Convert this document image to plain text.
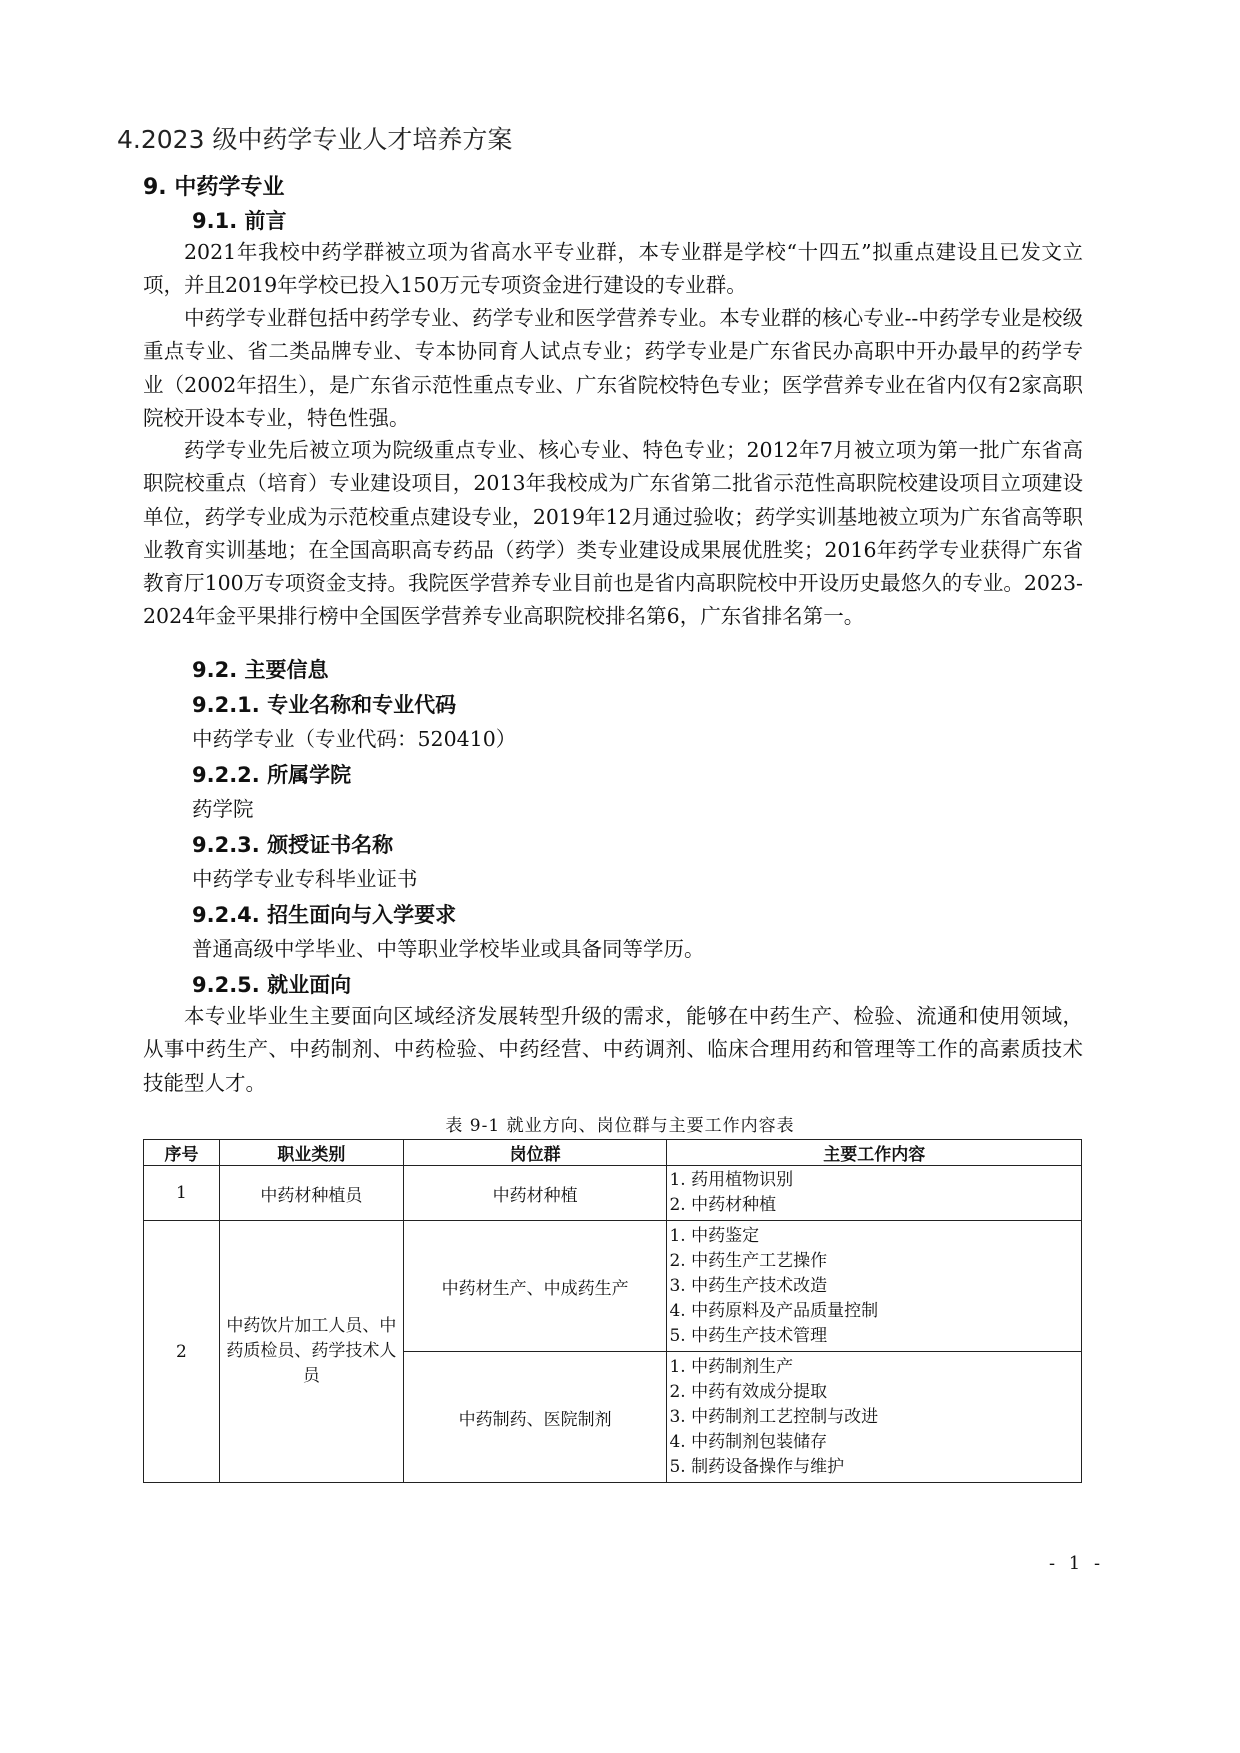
4.2023 级中药学专业人才培养方案
9. 中药学专业
9.1. 前言

2021年我校中药学群被立项为省高水平专业群，本专业群是学校“十四五”拟重点建设且已发文立项，并且2019年学校已投入150万元专项资金进行建设的专业群。

中药学专业群包括中药学专业、药学专业和医学营养专业。本专业群的核心专业--中药学专业是校级重点专业、省二类品牌专业、专本协同育人试点专业；药学专业是广东省民办高职中开办最早的药学专业（2002年招生），是广东省示范性重点专业、广东省院校特色专业；医学营养专业在省内仅有2家高职院校开设本专业，特色性强。

药学专业先后被立项为院级重点专业、核心专业、特色专业；2012年7月被立项为第一批广东省高职院校重点（培育）专业建设项目，2013年我校成为广东省第二批省示范性高职院校建设项目立项建设单位，药学专业成为示范校重点建设专业，2019年12月通过验收；药学实训基地被立项为广东省高等职业教育实训基地；在全国高职高专药品（药学）类专业建设成果展优胜奖；2016年药学专业获得广东省教育厅100万专项资金支持。我院医学营养专业目前也是省内高职院校中开设历史最悠久的专业。2023-2024年金平果排行榜中全国医学营养专业高职院校排名第6，广东省排名第一。

9.2. 主要信息
9.2.1. 专业名称和专业代码
中药学专业（专业代码：520410）
9.2.2. 所属学院
药学院
9.2.3. 颁授证书名称
中药学专业专科毕业证书
9.2.4. 招生面向与入学要求
普通高级中学毕业、中等职业学校毕业或具备同等学历。
9.2.5. 就业面向

本专业毕业生主要面向区域经济发展转型升级的需求，能够在中药生产、检验、流通和使用领域，从事中药生产、中药制剂、中药检验、中药经营、中药调剂、临床合理用药和管理等工作的高素质技术技能型人才。

表 9-1 就业方向、岗位群与主要工作内容表
序号	职业类别	岗位群	主要工作内容
1	中药材种植员	中药材种植	1. 药用植物识别
2. 中药材种植

2	中药饮片加工人员、中药质检员、药学技术人员	中药材生产、中成药生产	1. 中药鉴定
2. 中药生产工艺操作
3. 中药生产技术改造
4. 中药原料及产品质量控制
5. 中药生产技术管理

		中药制药、医院制剂	1. 中药制剂生产
2. 中药有效成分提取
3. 中药制剂工艺控制与改进
4. 中药制剂包装储存
5. 制药设备操作与维护
- 1 -
